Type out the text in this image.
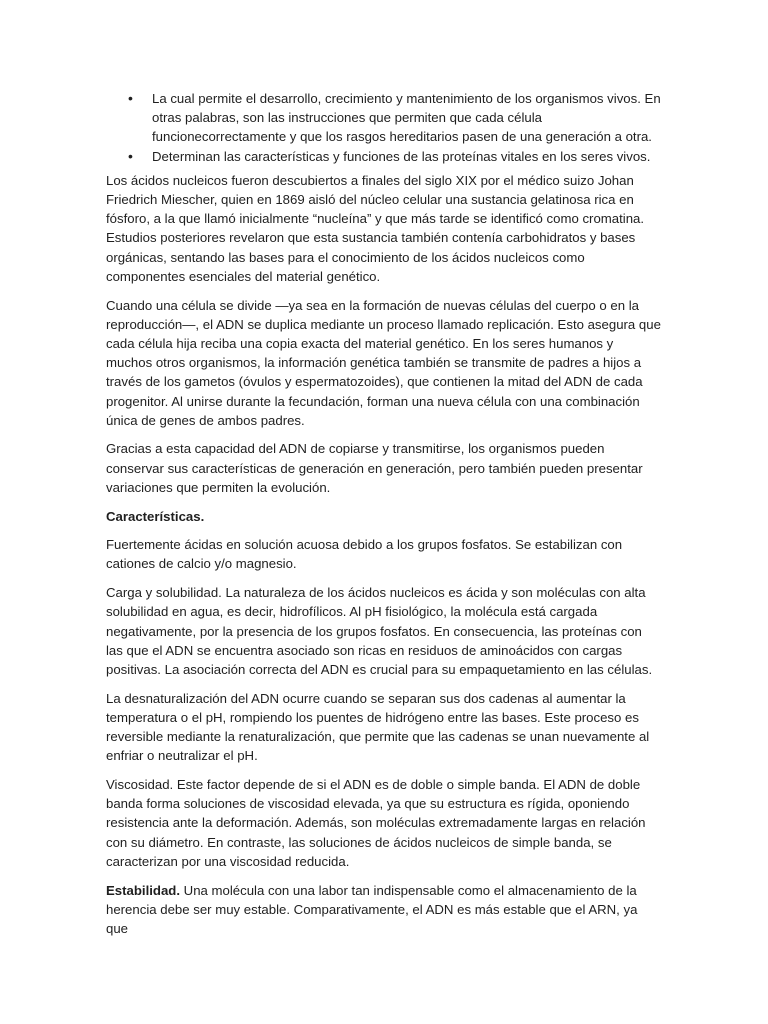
• La cual permite el desarrollo, crecimiento y mantenimiento de los organismos vivos. En otras palabras, son las instrucciones que permiten que cada célula funcionecorrectamente y que los rasgos hereditarios pasen de una generación a otra.
• Determinan las características y funciones de las proteínas vitales en los seres vivos.

Los ácidos nucleicos fueron descubiertos a finales del siglo XIX por el médico suizo Johan Friedrich Miescher, quien en 1869 aisló del núcleo celular una sustancia gelatinosa rica en fósforo, a la que llamó inicialmente “nucleína” y que más tarde se identificó como cromatina. Estudios posteriores revelaron que esta sustancia también contenía carbohidratos y bases orgánicas, sentando las bases para el conocimiento de los ácidos nucleicos como componentes esenciales del material genético.

Cuando una célula se divide —ya sea en la formación de nuevas células del cuerpo o en la reproducción—, el ADN se duplica mediante un proceso llamado replicación. Esto asegura que cada célula hija reciba una copia exacta del material genético. En los seres humanos y muchos otros organismos, la información genética también se transmite de padres a hijos a través de los gametos (óvulos y espermatozoides), que contienen la mitad del ADN de cada progenitor. Al unirse durante la fecundación, forman una nueva célula con una combinación única de genes de ambos padres.

Gracias a esta capacidad del ADN de copiarse y transmitirse, los organismos pueden conservar sus características de generación en generación, pero también pueden presentar variaciones que permiten la evolución.

Características.

Fuertemente ácidas en solución acuosa debido a los grupos fosfatos. Se estabilizan con cationes de calcio y/o magnesio.

Carga y solubilidad. La naturaleza de los ácidos nucleicos es ácida y son moléculas con alta solubilidad en agua, es decir, hidrofílicos. Al pH fisiológico, la molécula está cargada negativamente, por la presencia de los grupos fosfatos. En consecuencia, las proteínas con las que el ADN se encuentra asociado son ricas en residuos de aminoácidos con cargas positivas. La asociación correcta del ADN es crucial para su empaquetamiento en las células.

La desnaturalización del ADN ocurre cuando se separan sus dos cadenas al aumentar la temperatura o el pH, rompiendo los puentes de hidrógeno entre las bases. Este proceso es reversible mediante la renaturalización, que permite que las cadenas se unan nuevamente al enfriar o neutralizar el pH.

Viscosidad. Este factor depende de si el ADN es de doble o simple banda. El ADN de doble banda forma soluciones de viscosidad elevada, ya que su estructura es rígida, oponiendo resistencia ante la deformación. Además, son moléculas extremadamente largas en relación con su diámetro. En contraste, las soluciones de ácidos nucleicos de simple banda, se caracterizan por una viscosidad reducida.

Estabilidad. Una molécula con una labor tan indispensable como el almacenamiento de la herencia debe ser muy estable. Comparativamente, el ADN es más estable que el ARN, ya que
